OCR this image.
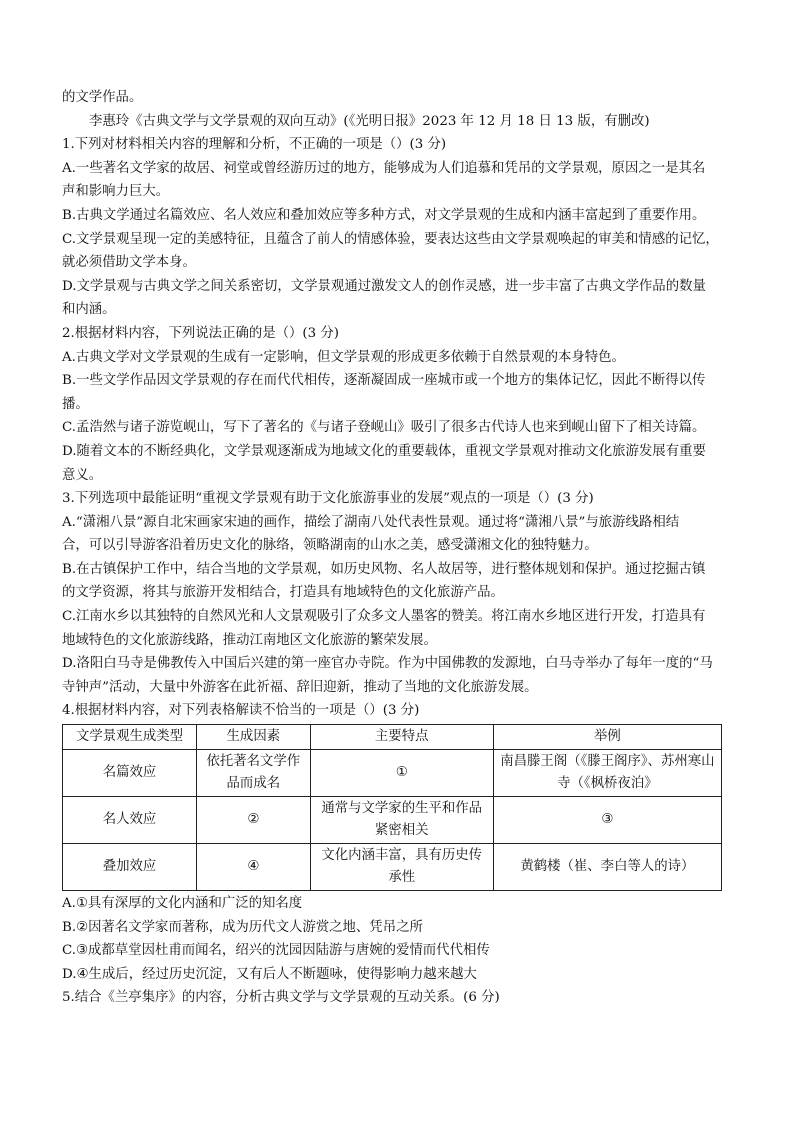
的文学作品。
李惠玲《古典文学与文学景观的双向互动》(《光明日报》2023 年 12 月 18 日 13 版，有删改)
1.下列对材料相关内容的理解和分析，不正确的一项是（）(3 分)
A.一些著名文学家的故居、祠堂或曾经游历过的地方，能够成为人们追慕和凭吊的文学景观，原因之一是其名
声和影响力巨大。
B.古典文学通过名篇效应、名人效应和叠加效应等多种方式，对文学景观的生成和内涵丰富起到了重要作用。
C.文学景观呈现一定的美感特征，且蕴含了前人的情感体验，要表达这些由文学景观唤起的审美和情感的记忆，
就必须借助文学本身。
D.文学景观与古典文学之间关系密切，文学景观通过激发文人的创作灵感，进一步丰富了古典文学作品的数量
和内涵。
2.根据材料内容，下列说法正确的是（）(3 分)
A.古典文学对文学景观的生成有一定影响，但文学景观的形成更多依赖于自然景观的本身特色。
B.一些文学作品因文学景观的存在而代代相传，逐渐凝固成一座城市或一个地方的集体记忆，因此不断得以传
播。
C.孟浩然与诸子游览岘山，写下了著名的《与诸子登岘山》吸引了很多古代诗人也来到岘山留下了相关诗篇。
D.随着文本的不断经典化，文学景观逐渐成为地域文化的重要载体，重视文学景观对推动文化旅游发展有重要
意义。
3.下列选项中最能证明“重视文学景观有助于文化旅游事业的发展”观点的一项是（）(3 分)
A.“潇湘八景”源自北宋画家宋迪的画作，描绘了湖南八处代表性景观。通过将“潇湘八景”与旅游线路相结
合，可以引导游客沿着历史文化的脉络，领略湖南的山水之美，感受潇湘文化的独特魅力。
B.在古镇保护工作中，结合当地的文学景观，如历史风物、名人故居等，进行整体规划和保护。通过挖掘古镇
的文学资源，将其与旅游开发相结合，打造具有地域特色的文化旅游产品。
C.江南水乡以其独特的自然风光和人文景观吸引了众多文人墨客的赞美。将江南水乡地区进行开发，打造具有
地域特色的文化旅游线路，推动江南地区文化旅游的繁荣发展。
D.洛阳白马寺是佛教传入中国后兴建的第一座官办寺院。作为中国佛教的发源地，白马寺举办了每年一度的“马
寺钟声”活动，大量中外游客在此祈福、辞旧迎新，推动了当地的文化旅游发展。
4.根据材料内容，对下列表格解读不恰当的一项是（）(3 分)
文学景观生成类型	生成因素	主要特点	举例
名篇效应	依托著名文学作品而成名	①	南昌滕王阁（《滕王阁序》、苏州寒山寺（《枫桥夜泊》
名人效应	②	通常与文学家的生平和作品紧密相关	③
叠加效应	④	文化内涵丰富，具有历史传承性	黄鹤楼（崔、李白等人的诗）
A.①具有深厚的文化内涵和广泛的知名度
B.②因著名文学家而著称，成为历代文人游赏之地、凭吊之所
C.③成都草堂因杜甫而闻名，绍兴的沈园因陆游与唐婉的爱情而代代相传
D.④生成后，经过历史沉淀，又有后人不断题咏，使得影响力越来越大
5.结合《兰亭集序》的内容，分析古典文学与文学景观的互动关系。(6 分)
